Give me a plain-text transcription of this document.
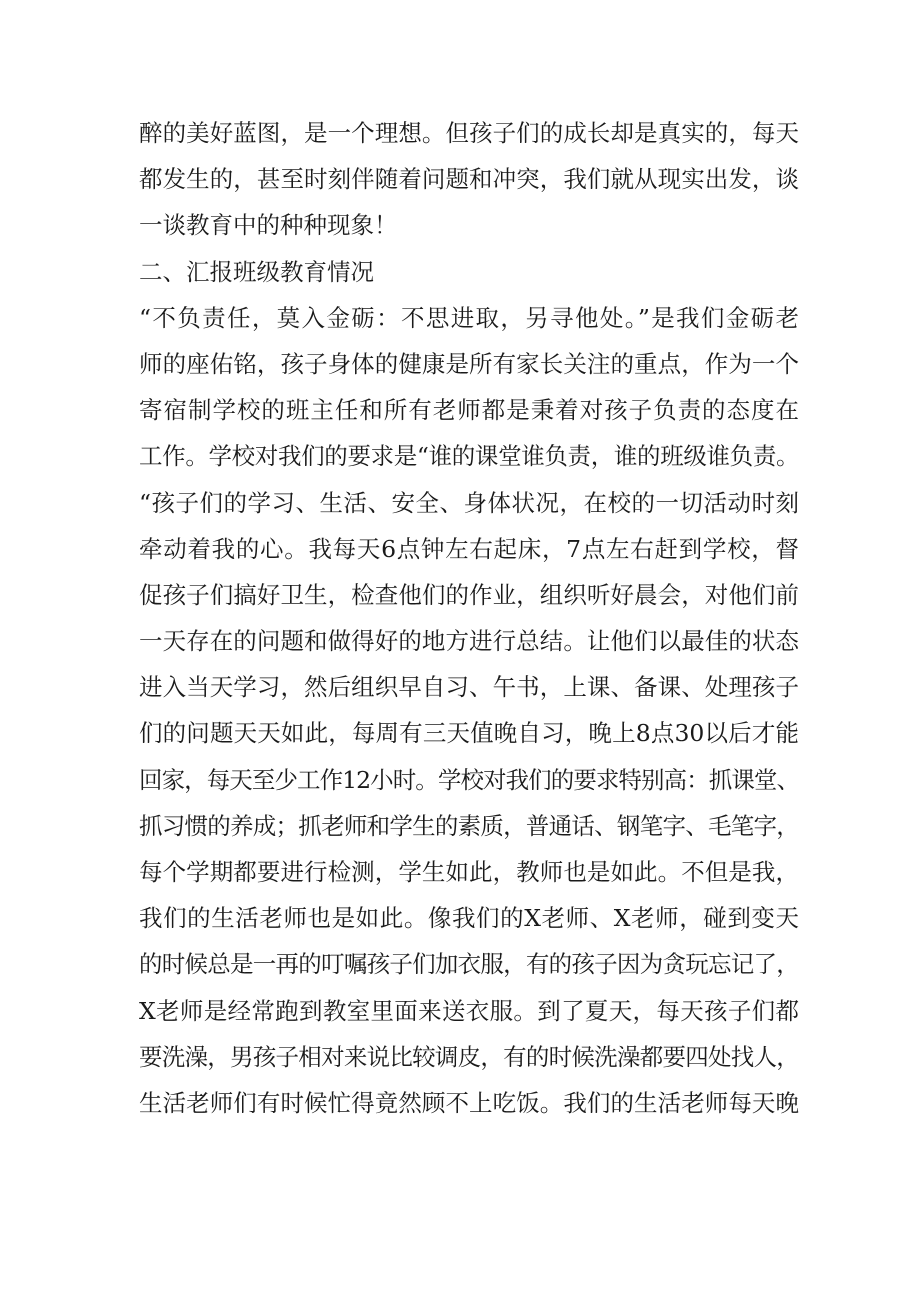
醉的美好蓝图，是一个理想。但孩子们的成长却是真实的，每天
都发生的，甚至时刻伴随着问题和冲突，我们就从现实出发，谈
一谈教育中的种种现象！
二、汇报班级教育情况
“不负责任，莫入金砺：不思进取，另寻他处。”是我们金砺老
师的座佑铭，孩子身体的健康是所有家长关注的重点，作为一个
寄宿制学校的班主任和所有老师都是秉着对孩子负责的态度在
工作。学校对我们的要求是“谁的课堂谁负责，谁的班级谁负责。
“孩子们的学习、生活、安全、身体状况，在校的一切活动时刻
牵动着我的心。我每天6点钟左右起床，7点左右赶到学校，督
促孩子们搞好卫生，检查他们的作业，组织听好晨会，对他们前
一天存在的问题和做得好的地方进行总结。让他们以最佳的状态
进入当天学习，然后组织早自习、午书，上课、备课、处理孩子
们的问题天天如此，每周有三天值晚自习，晚上8点30以后才能
回家，每天至少工作12小时。学校对我们的要求特别高：抓课堂、
抓习惯的养成；抓老师和学生的素质，普通话、钢笔字、毛笔字，
每个学期都要进行检测，学生如此，教师也是如此。不但是我，
我们的生活老师也是如此。像我们的X老师、X老师，碰到变天
的时候总是一再的叮嘱孩子们加衣服，有的孩子因为贪玩忘记了，
X老师是经常跑到教室里面来送衣服。到了夏天，每天孩子们都
要洗澡，男孩子相对来说比较调皮，有的时候洗澡都要四处找人，
生活老师们有时候忙得竟然顾不上吃饭。我们的生活老师每天晚
